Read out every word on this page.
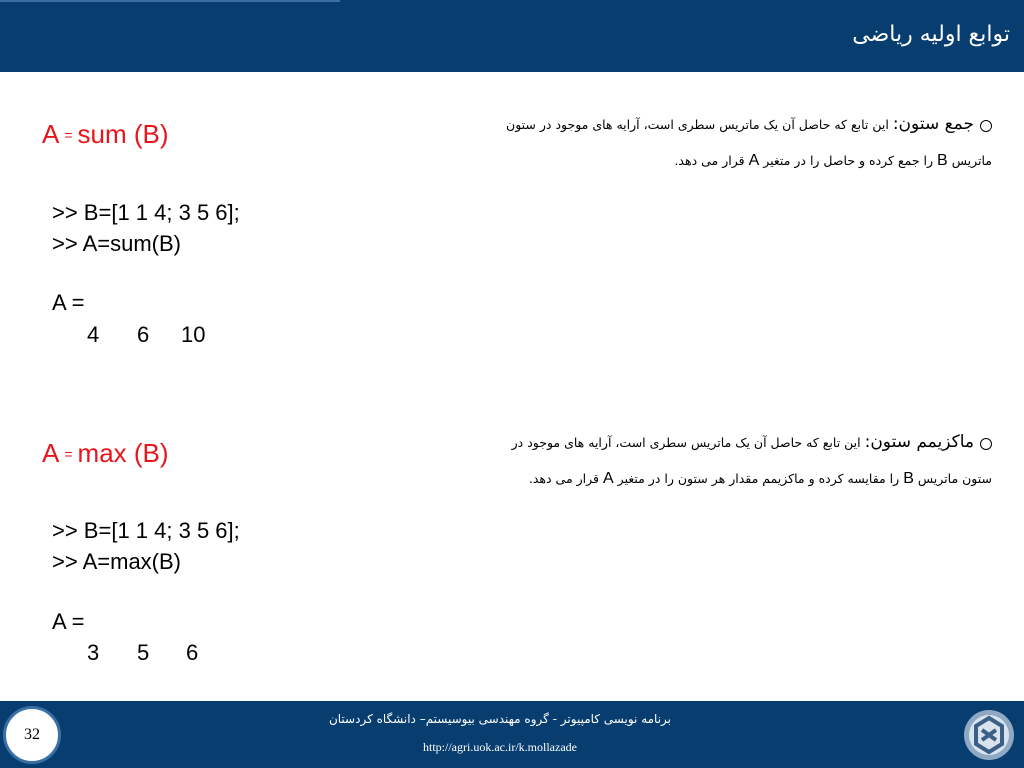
توابع اولیه ریاضی
A = sum (B)
>> B=[1 1 4; 3 5 6];
>> A=sum(B)
A =
4 6 10
جمع ستون: این تابع که حاصل آن یک ماتریس سطری است، آرایه های موجود در ستون ماتریس B را جمع کرده و حاصل را در متغیر A قرار می دهد.
A = max (B)
>> B=[1 1 4; 3 5 6];
>> A=max(B)
A =
3 5 6
ماکزیمم ستون: این تابع که حاصل آن یک ماتریس سطری است، آرایه های موجود در ستون ماتریس B را مقایسه کرده و ماکزیمم مقدار هر ستون را در متغیر A قرار می دهد.
32
برنامه نویسی کامپیوتر - گروه مهندسی بیوسیستم– دانشگاه کردستان
http://agri.uok.ac.ir/k.mollazade
